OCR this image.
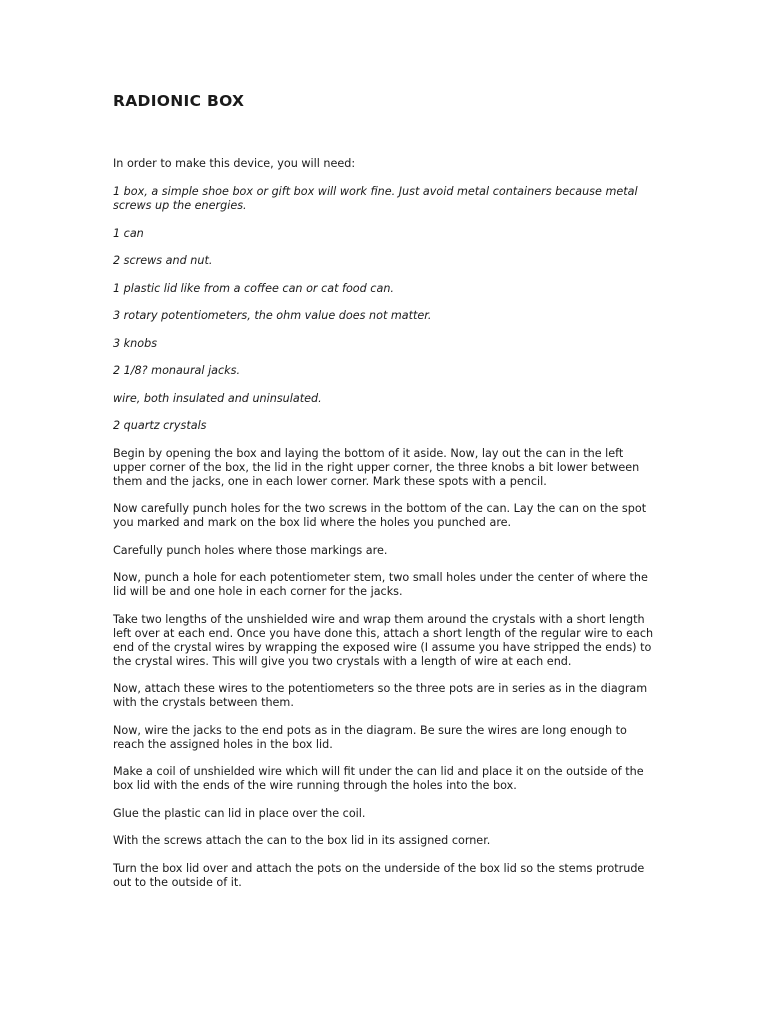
RADIONIC BOX

In order to make this device, you will need:

1 box, a simple shoe box or gift box will work fine. Just avoid metal containers because metal screws up the energies.
1 can
2 screws and nut.
1 plastic lid like from a coffee can or cat food can.
3 rotary potentiometers, the ohm value does not matter.
3 knobs
2 1/8? monaural jacks.
wire, both insulated and uninsulated.
2 quartz crystals

Begin by opening the box and laying the bottom of it aside. Now, lay out the can in the left upper corner of the box, the lid in the right upper corner, the three knobs a bit lower between them and the jacks, one in each lower corner. Mark these spots with a pencil.

Now carefully punch holes for the two screws in the bottom of the can. Lay the can on the spot you marked and mark on the box lid where the holes you punched are.

Carefully punch holes where those markings are.

Now, punch a hole for each potentiometer stem, two small holes under the center of where the lid will be and one hole in each corner for the jacks.

Take two lengths of the unshielded wire and wrap them around the crystals with a short length left over at each end. Once you have done this, attach a short length of the regular wire to each end of the crystal wires by wrapping the exposed wire (I assume you have stripped the ends) to the crystal wires. This will give you two crystals with a length of wire at each end.

Now, attach these wires to the potentiometers so the three pots are in series as in the diagram with the crystals between them.

Now, wire the jacks to the end pots as in the diagram. Be sure the wires are long enough to reach the assigned holes in the box lid.

Make a coil of unshielded wire which will fit under the can lid and place it on the outside of the box lid with the ends of the wire running through the holes into the box.

Glue the plastic can lid in place over the coil.

With the screws attach the can to the box lid in its assigned corner.

Turn the box lid over and attach the pots on the underside of the box lid so the stems protrude out to the outside of it.
